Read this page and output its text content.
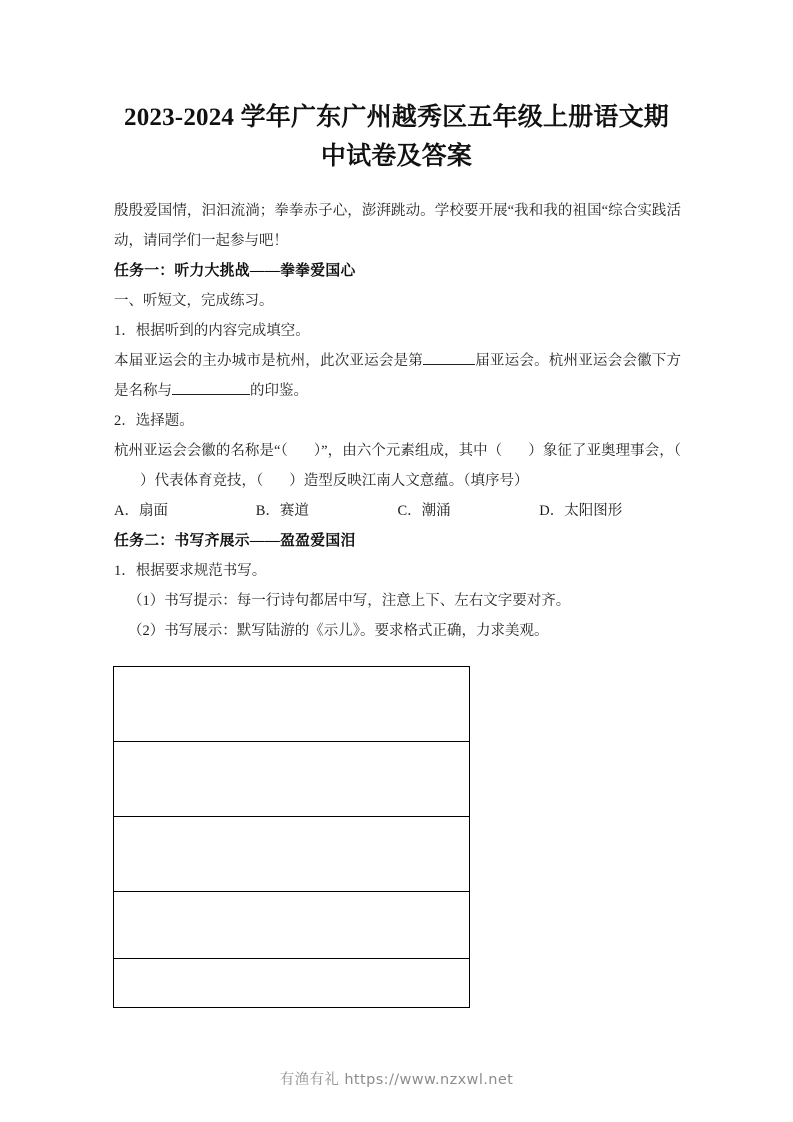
2023-2024 学年广东广州越秀区五年级上册语文期中试卷及答案

殷殷爱国情，汩汩流淌；拳拳赤子心，澎湃跳动。学校要开展“我和我的祖国“综合实践活动，请同学们一起参与吧！

任务一：听力大挑战——拳拳爱国心

一、听短文，完成练习。

1．根据听到的内容完成填空。

本届亚运会的主办城市是杭州，此次亚运会是第	届亚运会。杭州亚运会会徽下方是名称与	的印鉴。

2．选择题。

杭州亚运会会徽的名称是“（ ）”，由六个元素组成，其中（ ）象征了亚奥理事会，（）代表体育竞技，（ ）造型反映江南人文意蕴。（填序号）

A．扇面	B．赛道	C．潮涌	D．太阳图形

任务二：书写齐展示——盈盈爱国泪

1．根据要求规范书写。

（1）书写提示：每一行诗句都居中写，注意上下、左右文字要对齐。

（2）书写展示：默写陆游的《示儿》。要求格式正确，力求美观。

有渔有礼 https://www.nzxwl.net
